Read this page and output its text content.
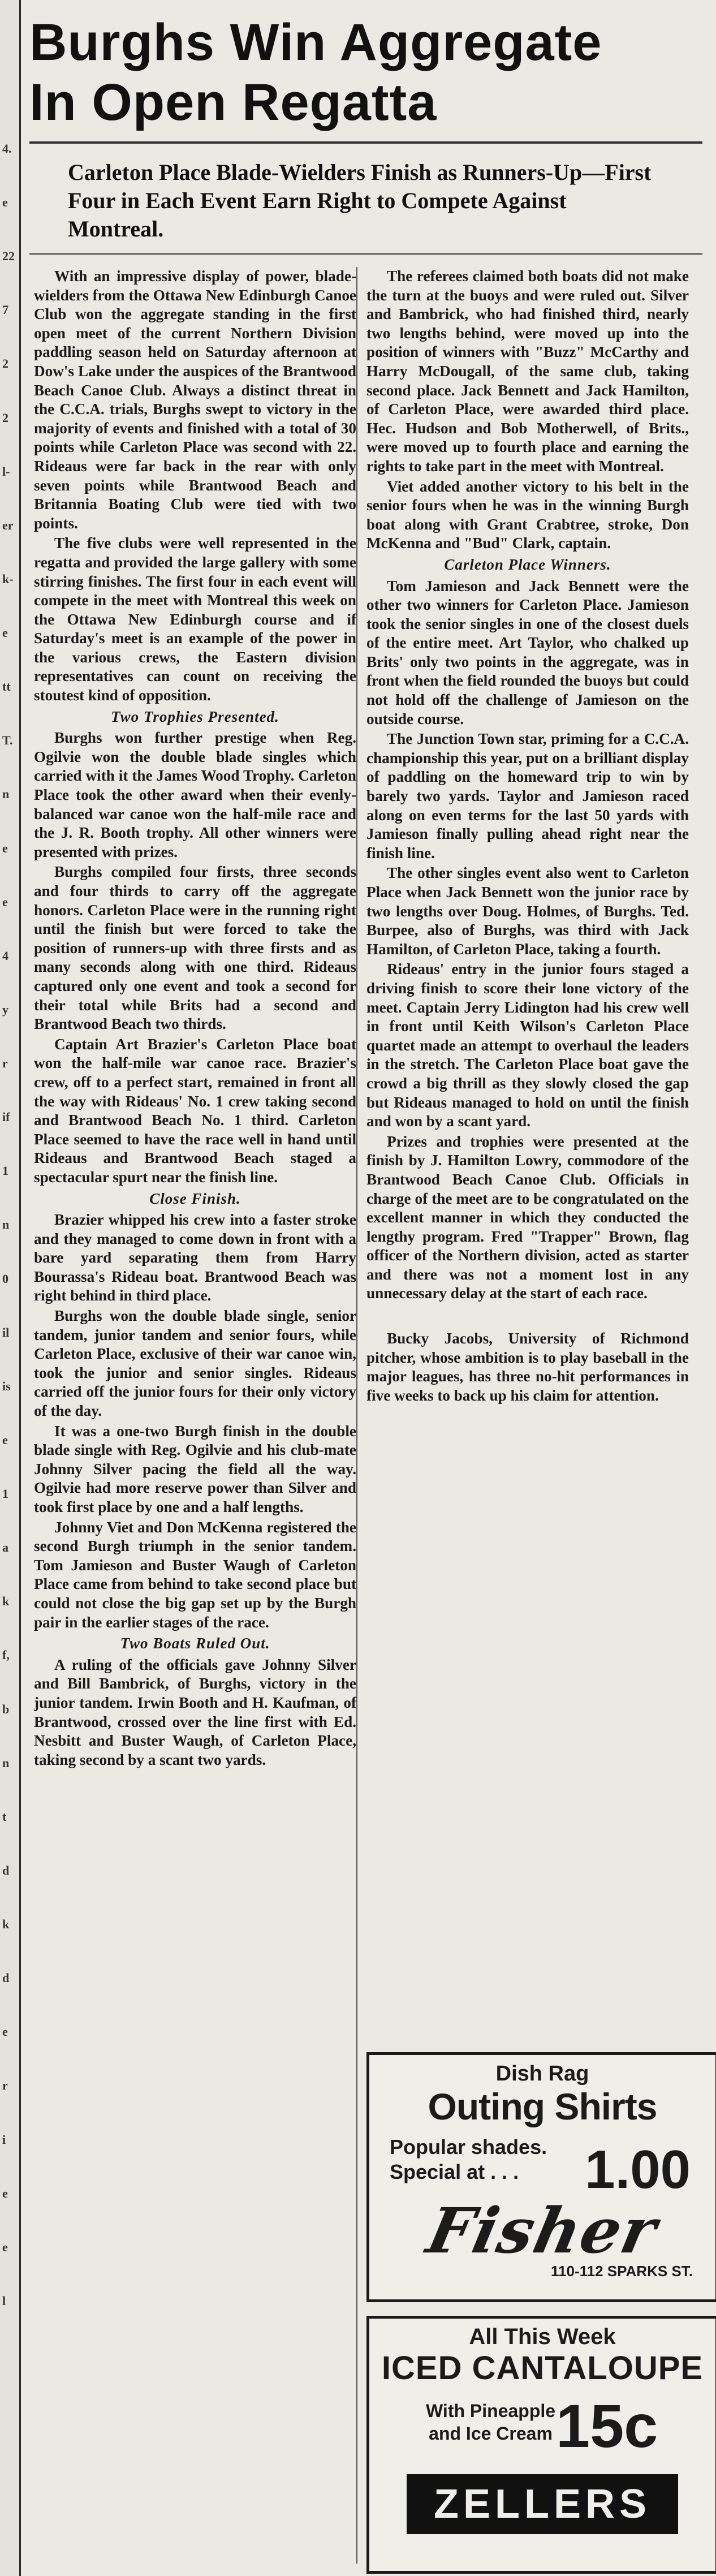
4.
e
22
7
2
2
l-
er
k-
e
tt
T.
n
e
e
4
y
r
if
1
n
0
il
is
e
1
a
k
f,
b
n
t
d
k
d
e
r
i
e
e
l
Burghs Win Aggregate
In Open Regatta
Carleton Place Blade-Wielders Finish as Runners-Up—First Four in Each Event Earn Right to Compete Against Montreal.

With an impressive display of power, blade-wielders from the Ottawa New Edinburgh Canoe Club won the aggregate standing in the first open meet of the current Northern Division paddling season held on Saturday afternoon at Dow's Lake under the auspices of the Brantwood Beach Canoe Club. Always a distinct threat in the C.C.A. trials, Burghs swept to victory in the majority of events and finished with a total of 30 points while Carleton Place was second with 22. Rideaus were far back in the rear with only seven points while Brantwood Beach and Britannia Boating Club were tied with two points.

The five clubs were well represented in the regatta and provided the large gallery with some stirring finishes. The first four in each event will compete in the meet with Montreal this week on the Ottawa New Edinburgh course and if Saturday's meet is an example of the power in the various crews, the Eastern division representatives can count on receiving the stoutest kind of opposition.

Two Trophies Presented.

Burghs won further prestige when Reg. Ogilvie won the double blade singles which carried with it the James Wood Trophy. Carleton Place took the other award when their evenly-balanced war canoe won the half-mile race and the J. R. Booth trophy. All other winners were presented with prizes.

Burghs compiled four firsts, three seconds and four thirds to carry off the aggregate honors. Carleton Place were in the running right until the finish but were forced to take the position of runners-up with three firsts and as many seconds along with one third. Rideaus captured only one event and took a second for their total while Brits had a second and Brantwood Beach two thirds.

Captain Art Brazier's Carleton Place boat won the half-mile war canoe race. Brazier's crew, off to a perfect start, remained in front all the way with Rideaus' No. 1 crew taking second and Brantwood Beach No. 1 third. Carleton Place seemed to have the race well in hand until Rideaus and Brantwood Beach staged a spectacular spurt near the finish line.

Close Finish.

Brazier whipped his crew into a faster stroke and they managed to come down in front with a bare yard separating them from Harry Bourassa's Rideau boat. Brantwood Beach was right behind in third place.

Burghs won the double blade single, senior tandem, junior tandem and senior fours, while Carleton Place, exclusive of their war canoe win, took the junior and senior singles. Rideaus carried off the junior fours for their only victory of the day.

It was a one-two Burgh finish in the double blade single with Reg. Ogilvie and his club-mate Johnny Silver pacing the field all the way. Ogilvie had more reserve power than Silver and took first place by one and a half lengths.

Johnny Viet and Don McKenna registered the second Burgh triumph in the senior tandem. Tom Jamieson and Buster Waugh of Carleton Place came from behind to take second place but could not close the big gap set up by the Burgh pair in the earlier stages of the race.

Two Boats Ruled Out.

A ruling of the officials gave Johnny Silver and Bill Bambrick, of Burghs, victory in the junior tandem. Irwin Booth and H. Kaufman, of Brantwood, crossed over the line first with Ed. Nesbitt and Buster Waugh, of Carleton Place, taking second by a scant two yards.

The referees claimed both boats did not make the turn at the buoys and were ruled out. Silver and Bambrick, who had finished third, nearly two lengths behind, were moved up into the position of winners with "Buzz" McCarthy and Harry McDougall, of the same club, taking second place. Jack Bennett and Jack Hamilton, of Carleton Place, were awarded third place. Hec. Hudson and Bob Motherwell, of Brits., were moved up to fourth place and earning the rights to take part in the meet with Montreal.

Viet added another victory to his belt in the senior fours when he was in the winning Burgh boat along with Grant Crabtree, stroke, Don McKenna and "Bud" Clark, captain.

Carleton Place Winners.

Tom Jamieson and Jack Bennett were the other two winners for Carleton Place. Jamieson took the senior singles in one of the closest duels of the entire meet. Art Taylor, who chalked up Brits' only two points in the aggregate, was in front when the field rounded the buoys but could not hold off the challenge of Jamieson on the outside course.

The Junction Town star, priming for a C.C.A. championship this year, put on a brilliant display of paddling on the homeward trip to win by barely two yards. Taylor and Jamieson raced along on even terms for the last 50 yards with Jamieson finally pulling ahead right near the finish line.

The other singles event also went to Carleton Place when Jack Bennett won the junior race by two lengths over Doug. Holmes, of Burghs. Ted. Burpee, also of Burghs, was third with Jack Hamilton, of Carleton Place, taking a fourth.

Rideaus' entry in the junior fours staged a driving finish to score their lone victory of the meet. Captain Jerry Lidington had his crew well in front until Keith Wilson's Carleton Place quartet made an attempt to overhaul the leaders in the stretch. The Carleton Place boat gave the crowd a big thrill as they slowly closed the gap but Rideaus managed to hold on until the finish and won by a scant yard.

Prizes and trophies were presented at the finish by J. Hamilton Lowry, commodore of the Brantwood Beach Canoe Club. Officials in charge of the meet are to be congratulated on the excellent manner in which they conducted the lengthy program. Fred "Trapper" Brown, flag officer of the Northern division, acted as starter and there was not a moment lost in any unnecessary delay at the start of each race.

Bucky Jacobs, University of Richmond pitcher, whose ambition is to play baseball in the major leagues, has three no-hit performances in five weeks to back up his claim for attention.

Dish Rag
Outing Shirts
Popular shades.
Special at . . .	1.00
Fisher
110-112 SPARKS ST.
All This Week
ICED CANTALOUPE
With Pineapple
and Ice Cream 15c
ZELLERS
